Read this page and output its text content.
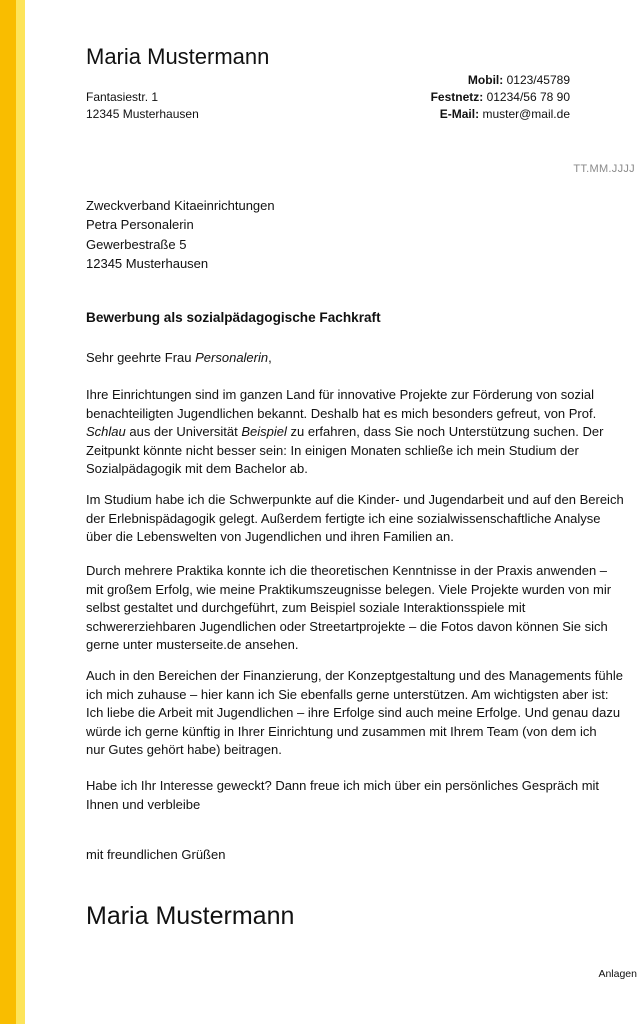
Maria Mustermann
Fantasiestr. 1
12345 Musterhausen
Mobil: 0123/45789
Festnetz: 01234/56 78 90
E-Mail: muster@mail.de
TT.MM.JJJJ
Zweckverband Kitaeinrichtungen
Petra Personalerin
Gewerbestraße 5
12345 Musterhausen
Bewerbung als sozialpädagogische Fachkraft
Sehr geehrte Frau Personalerin,
Ihre Einrichtungen sind im ganzen Land für innovative Projekte zur Förderung von sozial
benachteiligten Jugendlichen bekannt. Deshalb hat es mich besonders gefreut, von Prof.
Schlau aus der Universität Beispiel zu erfahren, dass Sie noch Unterstützung suchen. Der
Zeitpunkt könnte nicht besser sein: In einigen Monaten schließe ich mein Studium der
Sozialpädagogik mit dem Bachelor ab.
Im Studium habe ich die Schwerpunkte auf die Kinder- und Jugendarbeit und auf den Bereich
der Erlebnispädagogik gelegt. Außerdem fertigte ich eine sozialwissenschaftliche Analyse
über die Lebenswelten von Jugendlichen und ihren Familien an.
Durch mehrere Praktika konnte ich die theoretischen Kenntnisse in der Praxis anwenden –
mit großem Erfolg, wie meine Praktikumszeugnisse belegen. Viele Projekte wurden von mir
selbst gestaltet und durchgeführt, zum Beispiel soziale Interaktionsspiele mit
schwererziehbaren Jugendlichen oder Streetartprojekte – die Fotos davon können Sie sich
gerne unter musterseite.de ansehen.
Auch in den Bereichen der Finanzierung, der Konzeptgestaltung und des Managements fühle
ich mich zuhause – hier kann ich Sie ebenfalls gerne unterstützen. Am wichtigsten aber ist:
Ich liebe die Arbeit mit Jugendlichen – ihre Erfolge sind auch meine Erfolge. Und genau dazu
würde ich gerne künftig in Ihrer Einrichtung und zusammen mit Ihrem Team (von dem ich
nur Gutes gehört habe) beitragen.
Habe ich Ihr Interesse geweckt? Dann freue ich mich über ein persönliches Gespräch mit
Ihnen und verbleibe
mit freundlichen Grüßen
Maria Mustermann
Anlagen
